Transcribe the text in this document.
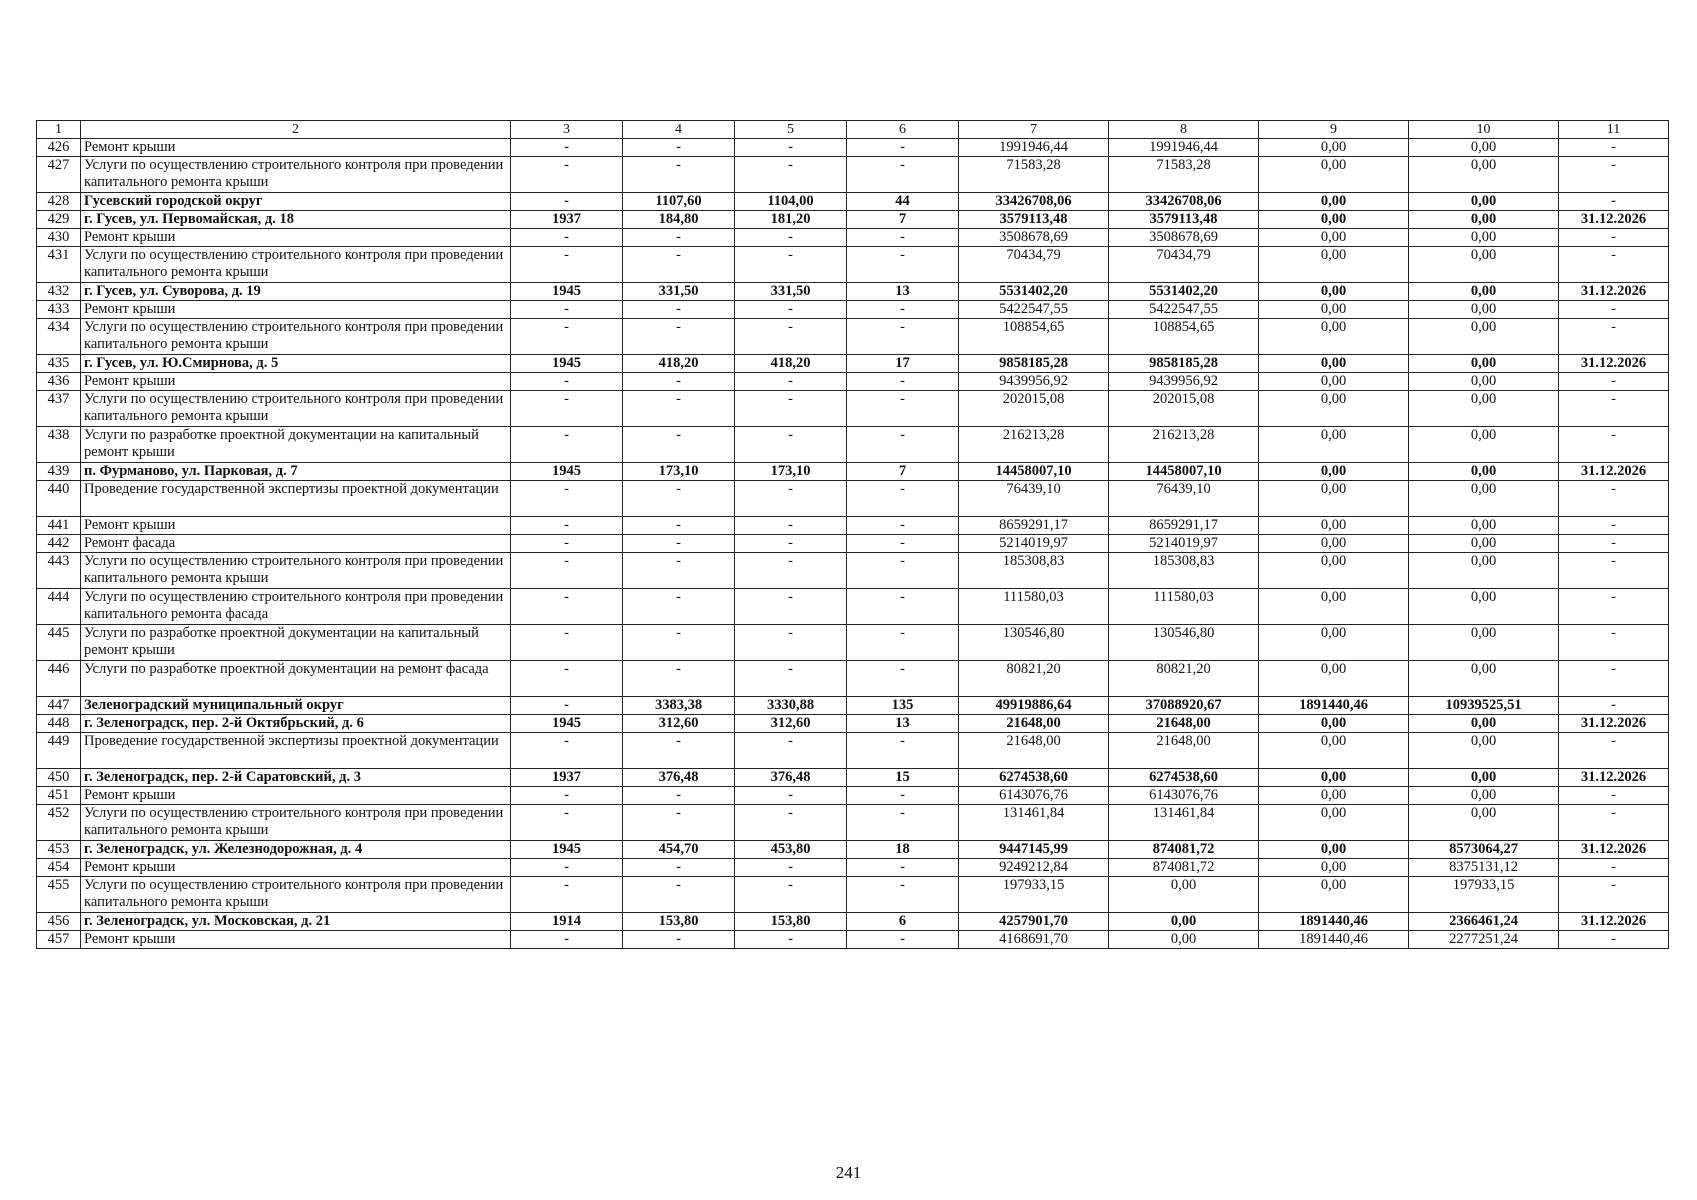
1	2	3	4	5	6	7	8	9	10	11
426	Ремонт крыши	-	-	-	-	1991946,44	1991946,44	0,00	0,00	-
427	Услуги по осуществлению строительного контроля при проведении капитального ремонта крыши	-	-	-	-	71583,28	71583,28	0,00	0,00	-
428	Гусевский городской округ	-	1107,60	1104,00	44	33426708,06	33426708,06	0,00	0,00	-
429	г. Гусев, ул. Первомайская, д. 18	1937	184,80	181,20	7	3579113,48	3579113,48	0,00	0,00	31.12.2026
430	Ремонт крыши	-	-	-	-	3508678,69	3508678,69	0,00	0,00	-
431	Услуги по осуществлению строительного контроля при проведении капитального ремонта крыши	-	-	-	-	70434,79	70434,79	0,00	0,00	-
432	г. Гусев, ул. Суворова, д. 19	1945	331,50	331,50	13	5531402,20	5531402,20	0,00	0,00	31.12.2026
433	Ремонт крыши	-	-	-	-	5422547,55	5422547,55	0,00	0,00	-
434	Услуги по осуществлению строительного контроля при проведении капитального ремонта крыши	-	-	-	-	108854,65	108854,65	0,00	0,00	-
435	г. Гусев, ул. Ю.Смирнова, д. 5	1945	418,20	418,20	17	9858185,28	9858185,28	0,00	0,00	31.12.2026
436	Ремонт крыши	-	-	-	-	9439956,92	9439956,92	0,00	0,00	-
437	Услуги по осуществлению строительного контроля при проведении капитального ремонта крыши	-	-	-	-	202015,08	202015,08	0,00	0,00	-
438	Услуги по разработке проектной документации на капитальный ремонт крыши	-	-	-	-	216213,28	216213,28	0,00	0,00	-
439	п. Фурманово, ул. Парковая, д. 7	1945	173,10	173,10	7	14458007,10	14458007,10	0,00	0,00	31.12.2026
440	Проведение государственной экспертизы проектной документации	-	-	-	-	76439,10	76439,10	0,00	0,00	-
441	Ремонт крыши	-	-	-	-	8659291,17	8659291,17	0,00	0,00	-
442	Ремонт фасада	-	-	-	-	5214019,97	5214019,97	0,00	0,00	-
443	Услуги по осуществлению строительного контроля при проведении капитального ремонта крыши	-	-	-	-	185308,83	185308,83	0,00	0,00	-
444	Услуги по осуществлению строительного контроля при проведении капитального ремонта фасада	-	-	-	-	111580,03	111580,03	0,00	0,00	-
445	Услуги по разработке проектной документации на капитальный ремонт крыши	-	-	-	-	130546,80	130546,80	0,00	0,00	-
446	Услуги по разработке проектной документации на ремонт фасада	-	-	-	-	80821,20	80821,20	0,00	0,00	-
447	Зеленоградский муниципальный округ	-	3383,38	3330,88	135	49919886,64	37088920,67	1891440,46	10939525,51	-
448	г. Зеленоградск, пер. 2-й Октябрьский, д. 6	1945	312,60	312,60	13	21648,00	21648,00	0,00	0,00	31.12.2026
449	Проведение государственной экспертизы проектной документации	-	-	-	-	21648,00	21648,00	0,00	0,00	-
450	г. Зеленоградск, пер. 2-й Саратовский, д. 3	1937	376,48	376,48	15	6274538,60	6274538,60	0,00	0,00	31.12.2026
451	Ремонт крыши	-	-	-	-	6143076,76	6143076,76	0,00	0,00	-
452	Услуги по осуществлению строительного контроля при проведении капитального ремонта крыши	-	-	-	-	131461,84	131461,84	0,00	0,00	-
453	г. Зеленоградск, ул. Железнодорожная, д. 4	1945	454,70	453,80	18	9447145,99	874081,72	0,00	8573064,27	31.12.2026
454	Ремонт крыши	-	-	-	-	9249212,84	874081,72	0,00	8375131,12	-
455	Услуги по осуществлению строительного контроля при проведении капитального ремонта крыши	-	-	-	-	197933,15	0,00	0,00	197933,15	-
456	г. Зеленоградск, ул. Московская, д. 21	1914	153,80	153,80	6	4257901,70	0,00	1891440,46	2366461,24	31.12.2026
457	Ремонт крыши	-	-	-	-	4168691,70	0,00	1891440,46	2277251,24	-
241
